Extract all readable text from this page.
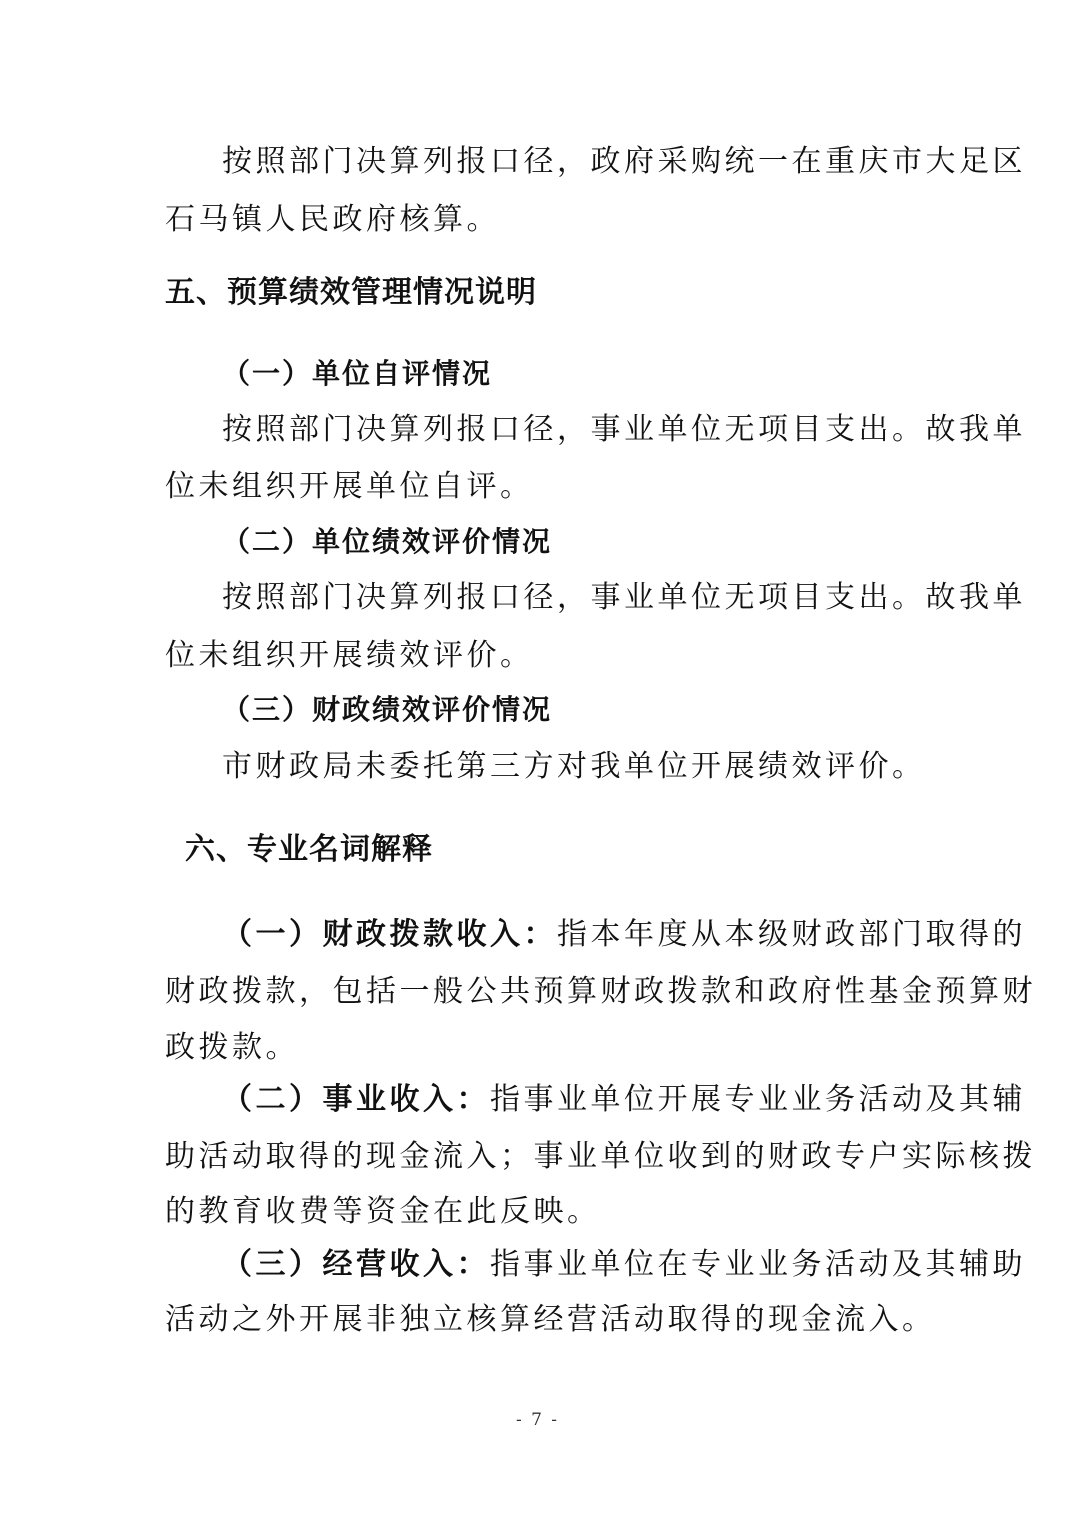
按照部门决算列报口径，政府采购统一在重庆市大足区
石马镇人民政府核算。
五、预算绩效管理情况说明
（一）单位自评情况
按照部门决算列报口径，事业单位无项目支出。故我单
位未组织开展单位自评。
（二）单位绩效评价情况
按照部门决算列报口径，事业单位无项目支出。故我单
位未组织开展绩效评价。
（三）财政绩效评价情况
市财政局未委托第三方对我单位开展绩效评价。
六、专业名词解释
（一）财政拨款收入：指本年度从本级财政部门取得的
财政拨款，包括一般公共预算财政拨款和政府性基金预算财
政拨款。
（二）事业收入：指事业单位开展专业业务活动及其辅
助活动取得的现金流入；事业单位收到的财政专户实际核拨
的教育收费等资金在此反映。
（三）经营收入：指事业单位在专业业务活动及其辅助
活动之外开展非独立核算经营活动取得的现金流入。
- 7 -
